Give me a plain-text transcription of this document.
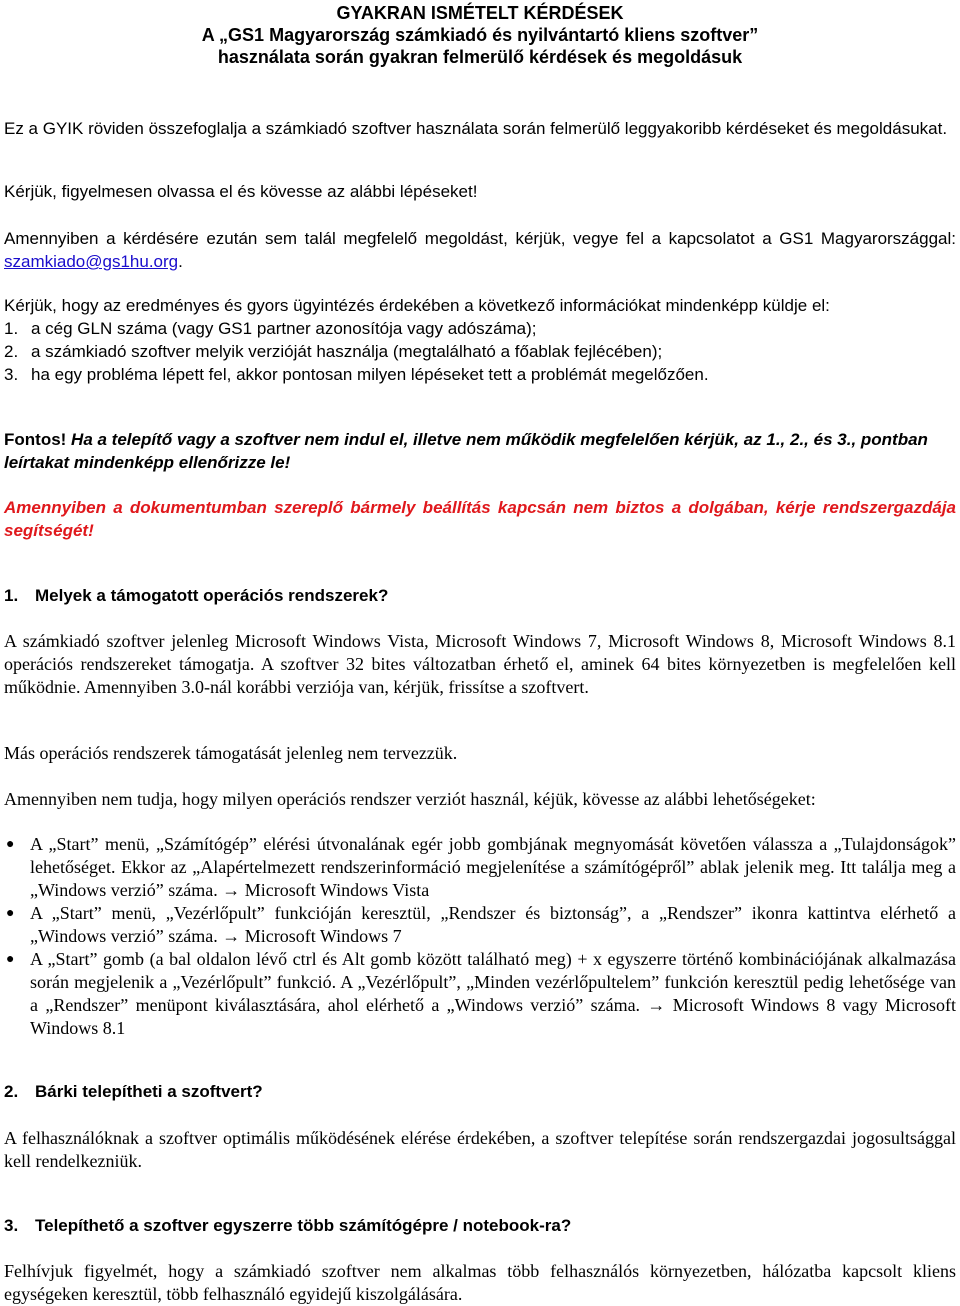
GYAKRAN ISMÉTELT KÉRDÉSEK
A „GS1 Magyarország számkiadó és nyilvántartó kliens szoftver”
használata során gyakran felmerülő kérdések és megoldásuk

Ez a GYIK röviden összefoglalja a számkiadó szoftver használata során felmerülő leggyakoribb kérdéseket és megoldásukat.

Kérjük, figyelmesen olvassa el és kövesse az alábbi lépéseket!

Amennyiben a kérdésére ezután sem talál megfelelő megoldást, kérjük, vegye fel a kapcsolatot a GS1 Magyarországgal: szamkiado@gs1hu.org.

Kérjük, hogy az eredményes és gyors ügyintézés érdekében a következő információkat mindenképp küldje el:

1. a cég GLN száma (vagy GS1 partner azonosítója vagy adószáma);
2. a számkiadó szoftver melyik verzióját használja (megtalálható a főablak fejlécében);
3. ha egy probléma lépett fel, akkor pontosan milyen lépéseket tett a problémát megelőzően.

Fontos! Ha a telepítő vagy a szoftver nem indul el, illetve nem működik megfelelően kérjük, az 1., 2., és 3., pontban leírtakat mindenképp ellenőrizze le!

Amennyiben a dokumentumban szereplő bármely beállítás kapcsán nem biztos a dolgában, kérje rendszergazdája segítségét!

1. Melyek a támogatott operációs rendszerek?

A számkiadó szoftver jelenleg Microsoft Windows Vista, Microsoft Windows 7, Microsoft Windows 8, Microsoft Windows 8.1 operációs rendszereket támogatja. A szoftver 32 bites változatban érhető el, aminek 64 bites környezetben is megfelelően kell működnie. Amennyiben 3.0-nál korábbi verziója van, kérjük, frissítse a szoftvert.

Más operációs rendszerek támogatását jelenleg nem tervezzük.

Amennyiben nem tudja, hogy milyen operációs rendszer verziót használ, kéjük, kövesse az alábbi lehetőségeket:

● A „Start” menü, „Számítógép” elérési útvonalának egér jobb gombjának megnyomását követően válassza a „Tulajdonságok” lehetőséget. Ekkor az „Alapértelmezett rendszerinformáció megjelenítése a számítógépről” ablak jelenik meg. Itt találja meg a „Windows verzió” száma. → Microsoft Windows Vista
● A „Start” menü, „Vezérlőpult” funkcióján keresztül, „Rendszer és biztonság”, a „Rendszer” ikonra kattintva elérhető a „Windows verzió” száma. → Microsoft Windows 7
● A „Start” gomb (a bal oldalon lévő ctrl és Alt gomb között található meg) + x egyszerre történő kombinációjának alkalmazása során megjelenik a „Vezérlőpult” funkció. A „Vezérlőpult”, „Minden vezérlőpultelem” funkción keresztül pedig lehetősége van a „Rendszer” menüpont kiválasztására, ahol elérhető a „Windows verzió” száma. → Microsoft Windows 8 vagy Microsoft Windows 8.1
2. Bárki telepítheti a szoftvert?

A felhasználóknak a szoftver optimális működésének elérése érdekében, a szoftver telepítése során rendszergazdai jogosultsággal kell rendelkezniük.

3. Telepíthető a szoftver egyszerre több számítógépre / notebook-ra?

Felhívjuk figyelmét, hogy a számkiadó szoftver nem alkalmas több felhasználós környezetben, hálózatba kapcsolt kliens egységeken keresztül, több felhasználó egyidejű kiszolgálására.
